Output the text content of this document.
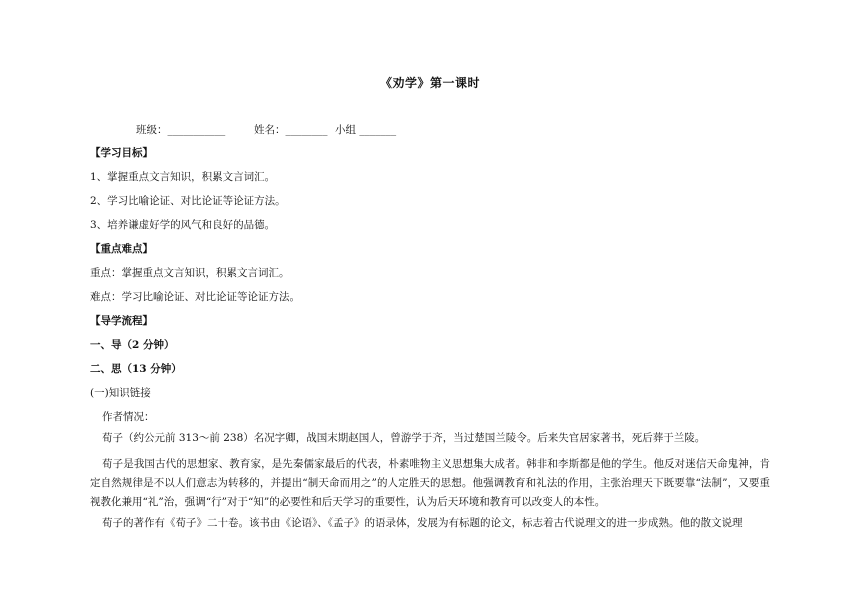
《劝学》第一课时
班级：___________	姓名：________ 小组 _______
【学习目标】
1、掌握重点文言知识，积累文言词汇。
2、学习比喻论证、对比论证等论证方法。
3、培养谦虚好学的风气和良好的品德。
【重点难点】
重点：掌握重点文言知识，积累文言词汇。
难点：学习比喻论证、对比论证等论证方法。
【导学流程】
一、导（2 分钟）
二、思（13 分钟）
(一)知识链接
作者情况：
荀子（约公元前 313～前 238）名况字卿，战国末期赵国人，曾游学于齐，当过楚国兰陵令。后来失官居家著书，死后葬于兰陵。
荀子是我国古代的思想家、教育家，是先秦儒家最后的代表，朴素唯物主义思想集大成者。韩非和李斯都是他的学生。他反对迷信天命鬼神，肯定自然规律是不以人们意志为转移的，并提出“制天命而用之”的人定胜天的思想。他强调教育和礼法的作用，主张治理天下既要靠“法制”，又要重视教化兼用“礼”治，强调“行”对于“知”的必要性和后天学习的重要性，认为后天环境和教育可以改变人的本性。
荀子的著作有《荀子》二十卷。该书由《论语》、《孟子》的语录体，发展为有标题的论文，标志着古代说理文的进一步成熟。他的散文说理
